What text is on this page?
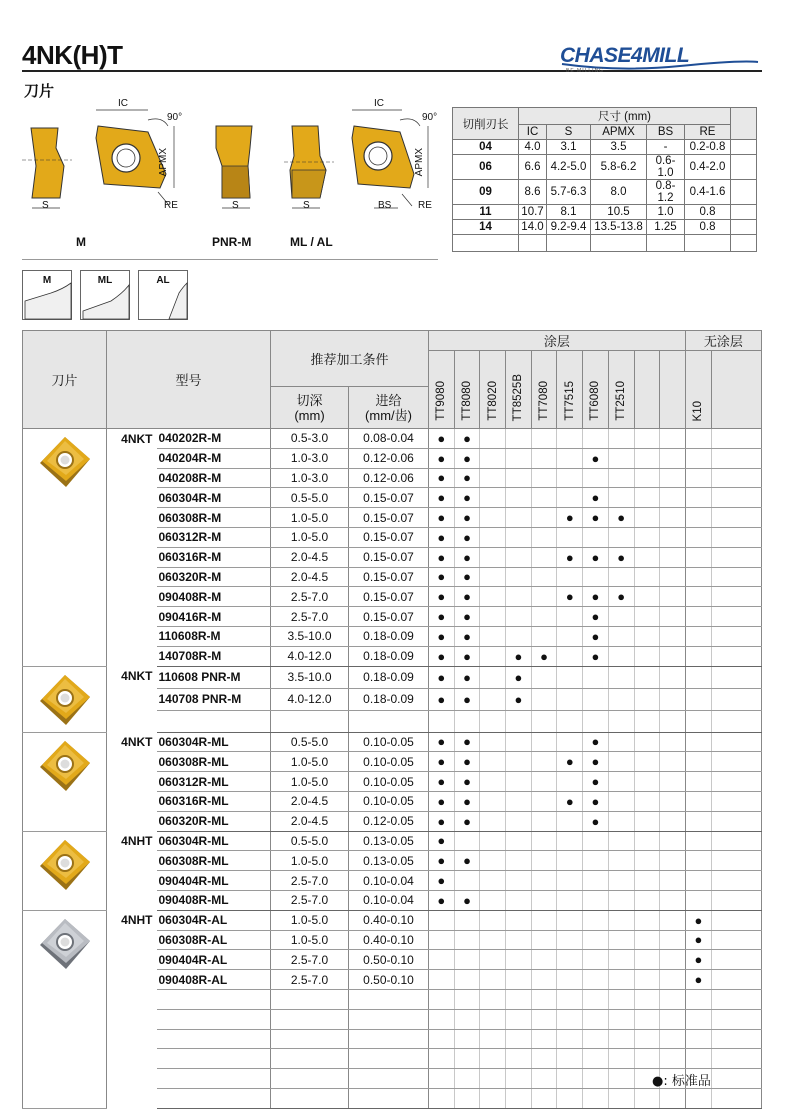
4NK(H)T
刀片
CHASE4MILL
BE MILLING
IC
90°
APMX
RE
S	S	S
IC
90°
APMX
BS	RE
M	PNR-M	ML / AL
切削刃长	尺寸 (mm)					
	IC	S	APMX	BS	RE	
04	4.0	3.1	3.5	-	0.2-0.8	
06	6.6	4.2-5.0	5.8-6.2	0.6-1.0	0.4-2.0	
09	8.6	5.7-6.3	8.0	0.8-1.2	0.4-1.6	
11	10.7	8.1	10.5	1.0	0.8	
14	14.0	9.2-9.4	13.5-13.8	1.25	0.8	

M	ML	AL
刀片	型号		推荐加工条件		涂层										无涂层	
					TT9080	TT8080	TT8020	TT8525B	TT7080	TT7515	TT6080	TT2510			K10	
			切深
(mm)	进给
(mm/齿)												

	4NKT	040202R-M	0.5-3.0	0.08-0.04	●	●										
		040204R-M	1.0-3.0	0.12-0.06	●	●					●					
		040208R-M	1.0-3.0	0.12-0.06	●	●										
		060304R-M	0.5-5.0	0.15-0.07	●	●					●					
		060308R-M	1.0-5.0	0.15-0.07	●	●				●	●	●				
		060312R-M	1.0-5.0	0.15-0.07	●	●										
		060316R-M	2.0-4.5	0.15-0.07	●	●				●	●	●				
		060320R-M	2.0-4.5	0.15-0.07	●	●										
		090408R-M	2.5-7.0	0.15-0.07	●	●				●	●	●				
		090416R-M	2.5-7.0	0.15-0.07	●	●					●					
		110608R-M	3.5-10.0	0.18-0.09	●	●					●					
		140708R-M	4.0-12.0	0.18-0.09	●	●		●	●		●					

	4NKT	110608 PNR-M	3.5-10.0	0.18-0.09	●	●		●								
		140708 PNR-M	4.0-12.0	0.18-0.09	●	●		●								

	4NKT	060304R-ML	0.5-5.0	0.10-0.05	●	●					●					
		060308R-ML	1.0-5.0	0.10-0.05	●	●				●	●					
		060312R-ML	1.0-5.0	0.10-0.05	●	●					●					
		060316R-ML	2.0-4.5	0.10-0.05	●	●				●	●					
		060320R-ML	2.0-4.5	0.12-0.05	●	●					●					

	4NHT	060304R-ML	0.5-5.0	0.13-0.05	●											
		060308R-ML	1.0-5.0	0.13-0.05	●	●										
		090404R-ML	2.5-7.0	0.10-0.04	●											
		090408R-ML	2.5-7.0	0.10-0.04	●	●										

	4NHT	060304R-AL	1.0-5.0	0.40-0.10											●	
		060308R-AL	1.0-5.0	0.40-0.10											●	
		090404R-AL	2.5-7.0	0.50-0.10											●	
		090408R-AL	2.5-7.0	0.50-0.10											●	

●: 标准品
